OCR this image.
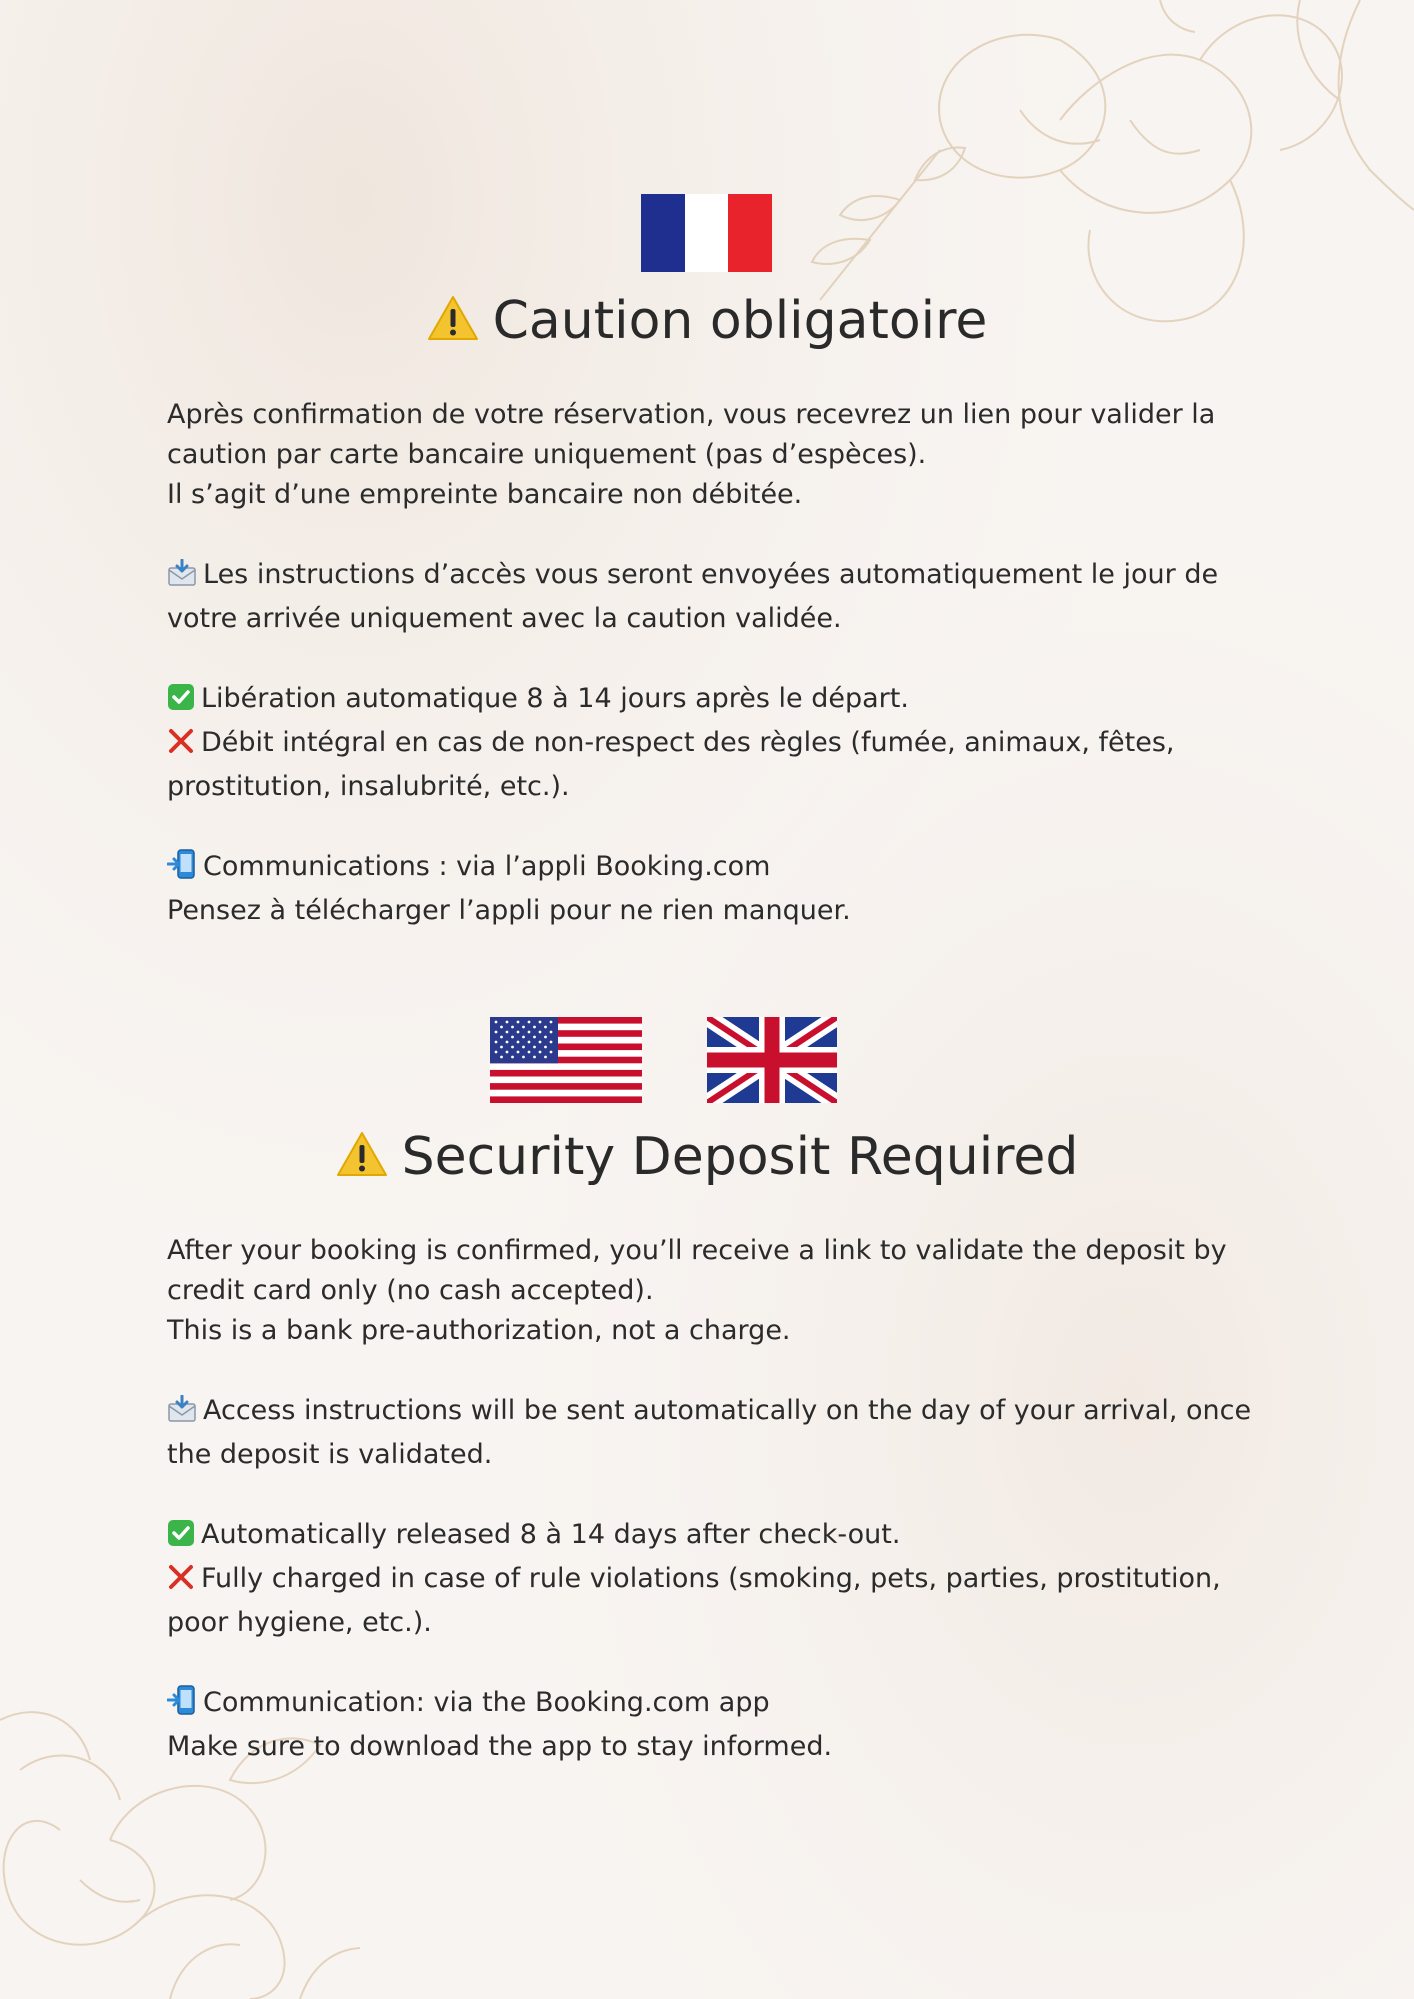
Caution obligatoire

Après confirmation de votre réservation, vous recevrez un lien pour valider la caution par carte bancaire uniquement (pas d’espèces).

Il s’agit d’une empreinte bancaire non débitée.

Les instructions d’accès vous seront envoyées automatiquement le jour de votre arrivée uniquement avec la caution validée.

Libération automatique 8 à 14 jours après le départ.

Débit intégral en cas de non-respect des règles (fumée, animaux, fêtes, prostitution, insalubrité, etc.).

Communications : via l’appli Booking.com

Pensez à télécharger l’appli pour ne rien manquer.

Security Deposit Required

After your booking is confirmed, you’ll receive a link to validate the deposit by credit card only (no cash accepted).

This is a bank pre-authorization, not a charge.

Access instructions will be sent automatically on the day of your arrival, once the deposit is validated.

Automatically released 8 à 14 days after check-out.

Fully charged in case of rule violations (smoking, pets, parties, prostitution, poor hygiene, etc.).

Communication: via the Booking.com app

Make sure to download the app to stay informed.
